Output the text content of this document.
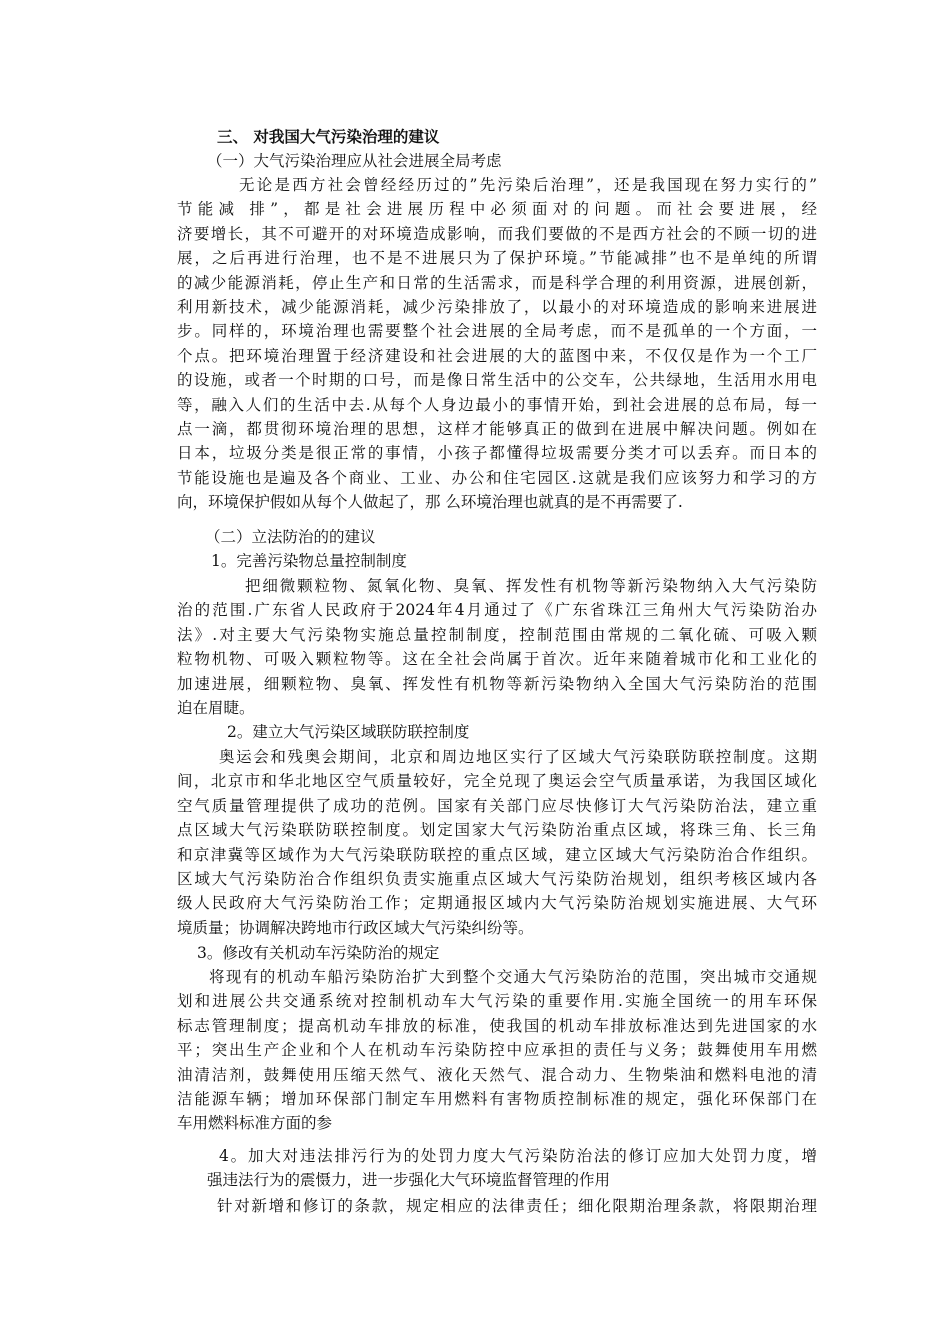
三、 对我国大气污染治理的建议
（一）大气污染治理应从社会进展全局考虑
无论是西方社会曾经经历过的”先污染后治理”，还是我国现在努力实行的”
节能减 排”，都是社会进展历程中必须面对的问题。而社会要进展，经
济要增长，其不可避开的对环境造成影响，而我们要做的不是西方社会的不顾一切的进
展，之后再进行治理，也不是不进展只为了保护环境。”节能减排”也不是单纯的所谓
的减少能源消耗，停止生产和日常的生活需求，而是科学合理的利用资源，进展创新，
利用新技术，减少能源消耗，减少污染排放了，以最小的对环境造成的影响来进展进
步。同样的，环境治理也需要整个社会进展的全局考虑，而不是孤单的一个方面，一
个点。把环境治理置于经济建设和社会进展的大的蓝图中来，不仅仅是作为一个工厂
的设施，或者一个时期的口号，而是像日常生活中的公交车，公共绿地，生活用水用电
等，融入人们的生活中去.从每个人身边最小的事情开始，到社会进展的总布局，每一
点一滴，都贯彻环境治理的思想，这样才能够真正的做到在进展中解决问题。例如在
日本，垃圾分类是很正常的事情，小孩子都懂得垃圾需要分类才可以丢弃。而日本的
节能设施也是遍及各个商业、工业、办公和住宅园区.这就是我们应该努力和学习的方
向，环境保护假如从每个人做起了，那 么环境治理也就真的是不再需要了.
（二）立法防治的的建议
1。完善污染物总量控制制度
把细微颗粒物、氮氧化物、臭氧、挥发性有机物等新污染物纳入大气污染防
治的范围.广东省人民政府于2024年4月通过了《广东省珠江三角州大气污染防治办
法》.对主要大气污染物实施总量控制制度，控制范围由常规的二氧化硫、可吸入颗
粒物机物、可吸入颗粒物等。这在全社会尚属于首次。近年来随着城市化和工业化的
加速进展，细颗粒物、臭氧、挥发性有机物等新污染物纳入全国大气污染防治的范围
迫在眉睫。
2。建立大气污染区域联防联控制度
奥运会和残奥会期间，北京和周边地区实行了区域大气污染联防联控制度。这期
间，北京市和华北地区空气质量较好，完全兑现了奥运会空气质量承诺，为我国区域化
空气质量管理提供了成功的范例。国家有关部门应尽快修订大气污染防治法，建立重
点区域大气污染联防联控制度。划定国家大气污染防治重点区域，将珠三角、长三角
和京津冀等区域作为大气污染联防联控的重点区域，建立区域大气污染防治合作组织。
区域大气污染防治合作组织负责实施重点区域大气污染防治规划，组织考核区域内各
级人民政府大气污染防治工作；定期通报区域内大气污染防治规划实施进展、大气环
境质量；协调解决跨地市行政区域大气污染纠纷等。
3。修改有关机动车污染防治的规定
将现有的机动车船污染防治扩大到整个交通大气污染防治的范围，突出城市交通规
划和进展公共交通系统对控制机动车大气污染的重要作用.实施全国统一的用车环保
标志管理制度；提高机动车排放的标准，使我国的机动车排放标准达到先进国家的水
平；突出生产企业和个人在机动车污染防控中应承担的责任与义务；鼓舞使用车用燃
油清洁剂，鼓舞使用压缩天然气、液化天然气、混合动力、生物柴油和燃料电池的清
洁能源车辆；增加环保部门制定车用燃料有害物质控制标准的规定，强化环保部门在
车用燃料标准方面的参
4。加大对违法排污行为的处罚力度大气污染防治法的修订应加大处罚力度，增
强违法行为的震慑力，进一步强化大气环境监督管理的作用
针对新增和修订的条款，规定相应的法律责任；细化限期治理条款，将限期治理
